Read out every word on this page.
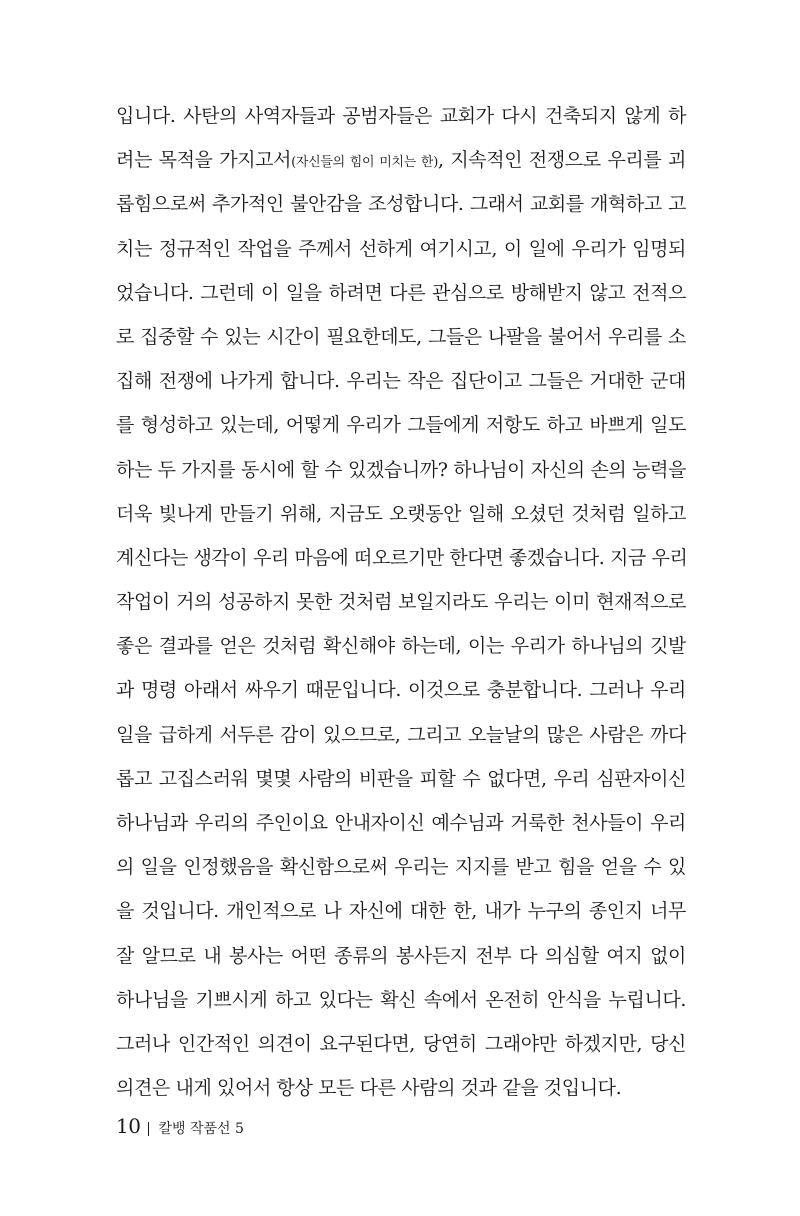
입니다. 사탄의 사역자들과 공범자들은 교회가 다시 건축되지 않게 하
려는 목적을 가지고서(자신들의 힘이 미치는 한), 지속적인 전쟁으로 우리를 괴
롭힘으로써 추가적인 불안감을 조성합니다. 그래서 교회를 개혁하고 고
치는 정규적인 작업을 주께서 선하게 여기시고, 이 일에 우리가 임명되
었습니다. 그런데 이 일을 하려면 다른 관심으로 방해받지 않고 전적으
로 집중할 수 있는 시간이 필요한데도, 그들은 나팔을 불어서 우리를 소
집해 전쟁에 나가게 합니다. 우리는 작은 집단이고 그들은 거대한 군대
를 형성하고 있는데, 어떻게 우리가 그들에게 저항도 하고 바쁘게 일도
하는 두 가지를 동시에 할 수 있겠습니까? 하나님이 자신의 손의 능력을
더욱 빛나게 만들기 위해, 지금도 오랫동안 일해 오셨던 것처럼 일하고
계신다는 생각이 우리 마음에 떠오르기만 한다면 좋겠습니다. 지금 우리
작업이 거의 성공하지 못한 것처럼 보일지라도 우리는 이미 현재적으로
좋은 결과를 얻은 것처럼 확신해야 하는데, 이는 우리가 하나님의 깃발
과 명령 아래서 싸우기 때문입니다. 이것으로 충분합니다. 그러나 우리
일을 급하게 서두른 감이 있으므로, 그리고 오늘날의 많은 사람은 까다
롭고 고집스러워 몇몇 사람의 비판을 피할 수 없다면, 우리 심판자이신
하나님과 우리의 주인이요 안내자이신 예수님과 거룩한 천사들이 우리
의 일을 인정했음을 확신함으로써 우리는 지지를 받고 힘을 얻을 수 있
을 것입니다. 개인적으로 나 자신에 대한 한, 내가 누구의 종인지 너무
잘 알므로 내 봉사는 어떤 종류의 봉사든지 전부 다 의심할 여지 없이
하나님을 기쁘시게 하고 있다는 확신 속에서 온전히 안식을 누립니다.
그러나 인간적인 의견이 요구된다면, 당연히 그래야만 하겠지만, 당신
의견은 내게 있어서 항상 모든 다른 사람의 것과 같을 것입니다.
10 칼뱅 작품선 5
